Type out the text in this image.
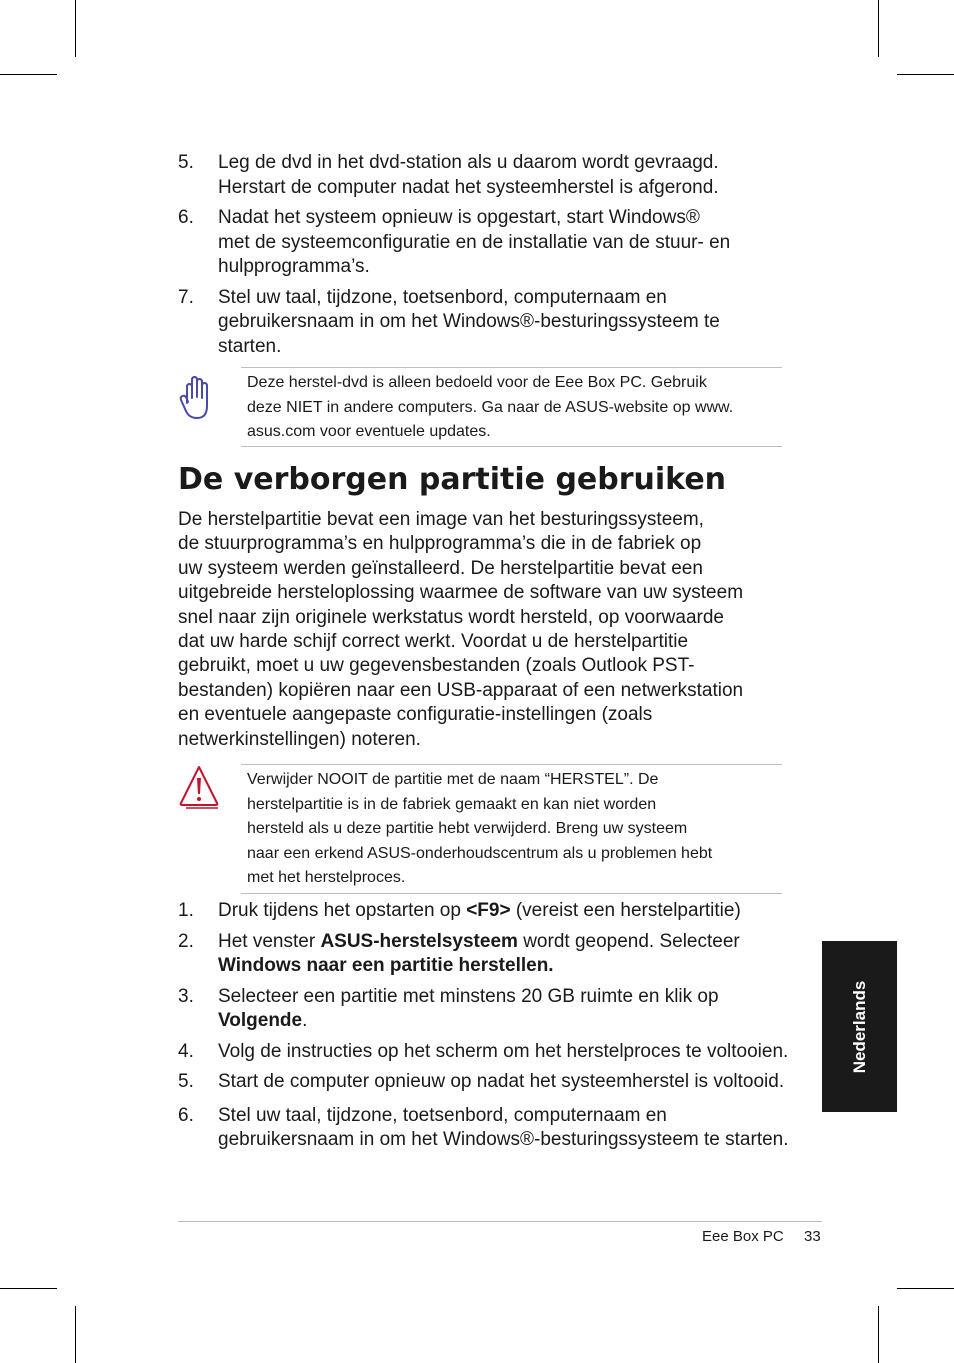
5. Leg de dvd in het dvd-station als u daarom wordt gevraagd.
Herstart de computer nadat het systeemherstel is afgerond.
6. Nadat het systeem opnieuw is opgestart, start Windows®
met de systeemconfiguratie en de installatie van de stuur- en
hulpprogramma’s.
7. Stel uw taal, tijdzone, toetsenbord, computernaam en
gebruikersnaam in om het Windows®-besturingssysteem te
starten.
Deze herstel-dvd is alleen bedoeld voor de Eee Box PC. Gebruik
deze NIET in andere computers. Ga naar de ASUS-website op www.
asus.com voor eventuele updates.
De verborgen partitie gebruiken
De herstelpartitie bevat een image van het besturingssysteem,
de stuurprogramma’s en hulpprogramma’s die in de fabriek op
uw systeem werden geïnstalleerd. De herstelpartitie bevat een
uitgebreide hersteloplossing waarmee de software van uw systeem
snel naar zijn originele werkstatus wordt hersteld, op voorwaarde
dat uw harde schijf correct werkt. Voordat u de herstelpartitie
gebruikt, moet u uw gegevensbestanden (zoals Outlook PST-
bestanden) kopiëren naar een USB-apparaat of een netwerkstation
en eventuele aangepaste configuratie-instellingen (zoals
netwerkinstellingen) noteren.
Verwijder NOOIT de partitie met de naam “HERSTEL”. De
herstelpartitie is in de fabriek gemaakt en kan niet worden
hersteld als u deze partitie hebt verwijderd. Breng uw systeem
naar een erkend ASUS-onderhoudscentrum als u problemen hebt
met het herstelproces.
1. Druk tijdens het opstarten op <F9> (vereist een herstelpartitie)
2. Het venster ASUS-herstelsysteem wordt geopend. Selecteer
Windows naar een partitie herstellen.
3. Selecteer een partitie met minstens 20 GB ruimte en klik op
Volgende.
4. Volg de instructies op het scherm om het herstelproces te voltooien.
5. Start de computer opnieuw op nadat het systeemherstel is voltooid.
6. Stel uw taal, tijdzone, toetsenbord, computernaam en
gebruikersnaam in om het Windows®-besturingssysteem te starten.
Nederlands
Eee Box PC 33
